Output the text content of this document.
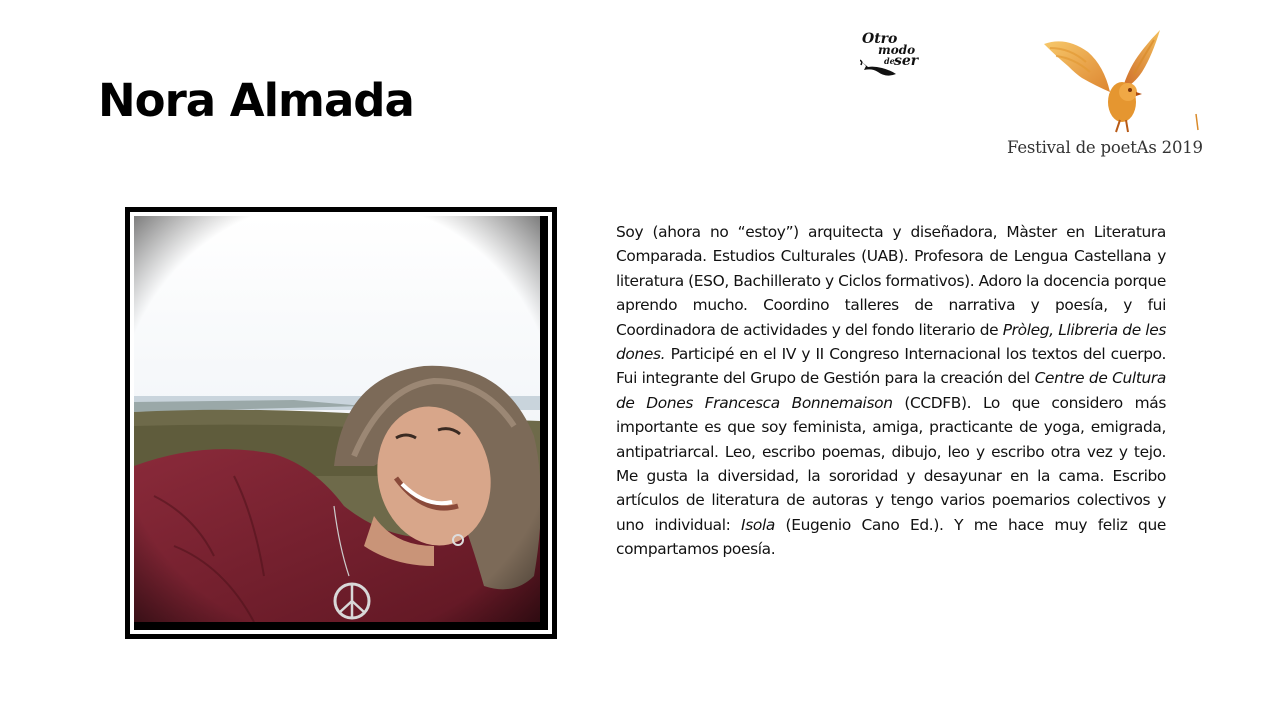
Nora Almada
Otro
modo
de ser
Festival de poetAs 2019

Soy (ahora no “estoy”) arquitecta y diseñadora, Màster en Literatura Comparada. Estudios Culturales (UAB). Profesora de Lengua Castellana y literatura (ESO, Bachillerato y Ciclos formativos). Adoro la docencia porque aprendo mucho. Coordino talleres de narrativa y poesía, y fui Coordinadora de actividades y del fondo literario de Pròleg, Llibreria de les dones. Participé en el IV y II Congreso Internacional los textos del cuerpo. Fui integrante del Grupo de Gestión para la creación del Centre de Cultura de Dones Francesca Bonnemaison (CCDFB). Lo que considero más importante es que soy feminista, amiga, practicante de yoga, emigrada, antipatriarcal. Leo, escribo poemas, dibujo, leo y escribo otra vez y tejo. Me gusta la diversidad, la sororidad y desayunar en la cama. Escribo artículos de literatura de autoras y tengo varios poemarios colectivos y uno individual: Isola (Eugenio Cano Ed.). Y me hace muy feliz que compartamos poesía.
